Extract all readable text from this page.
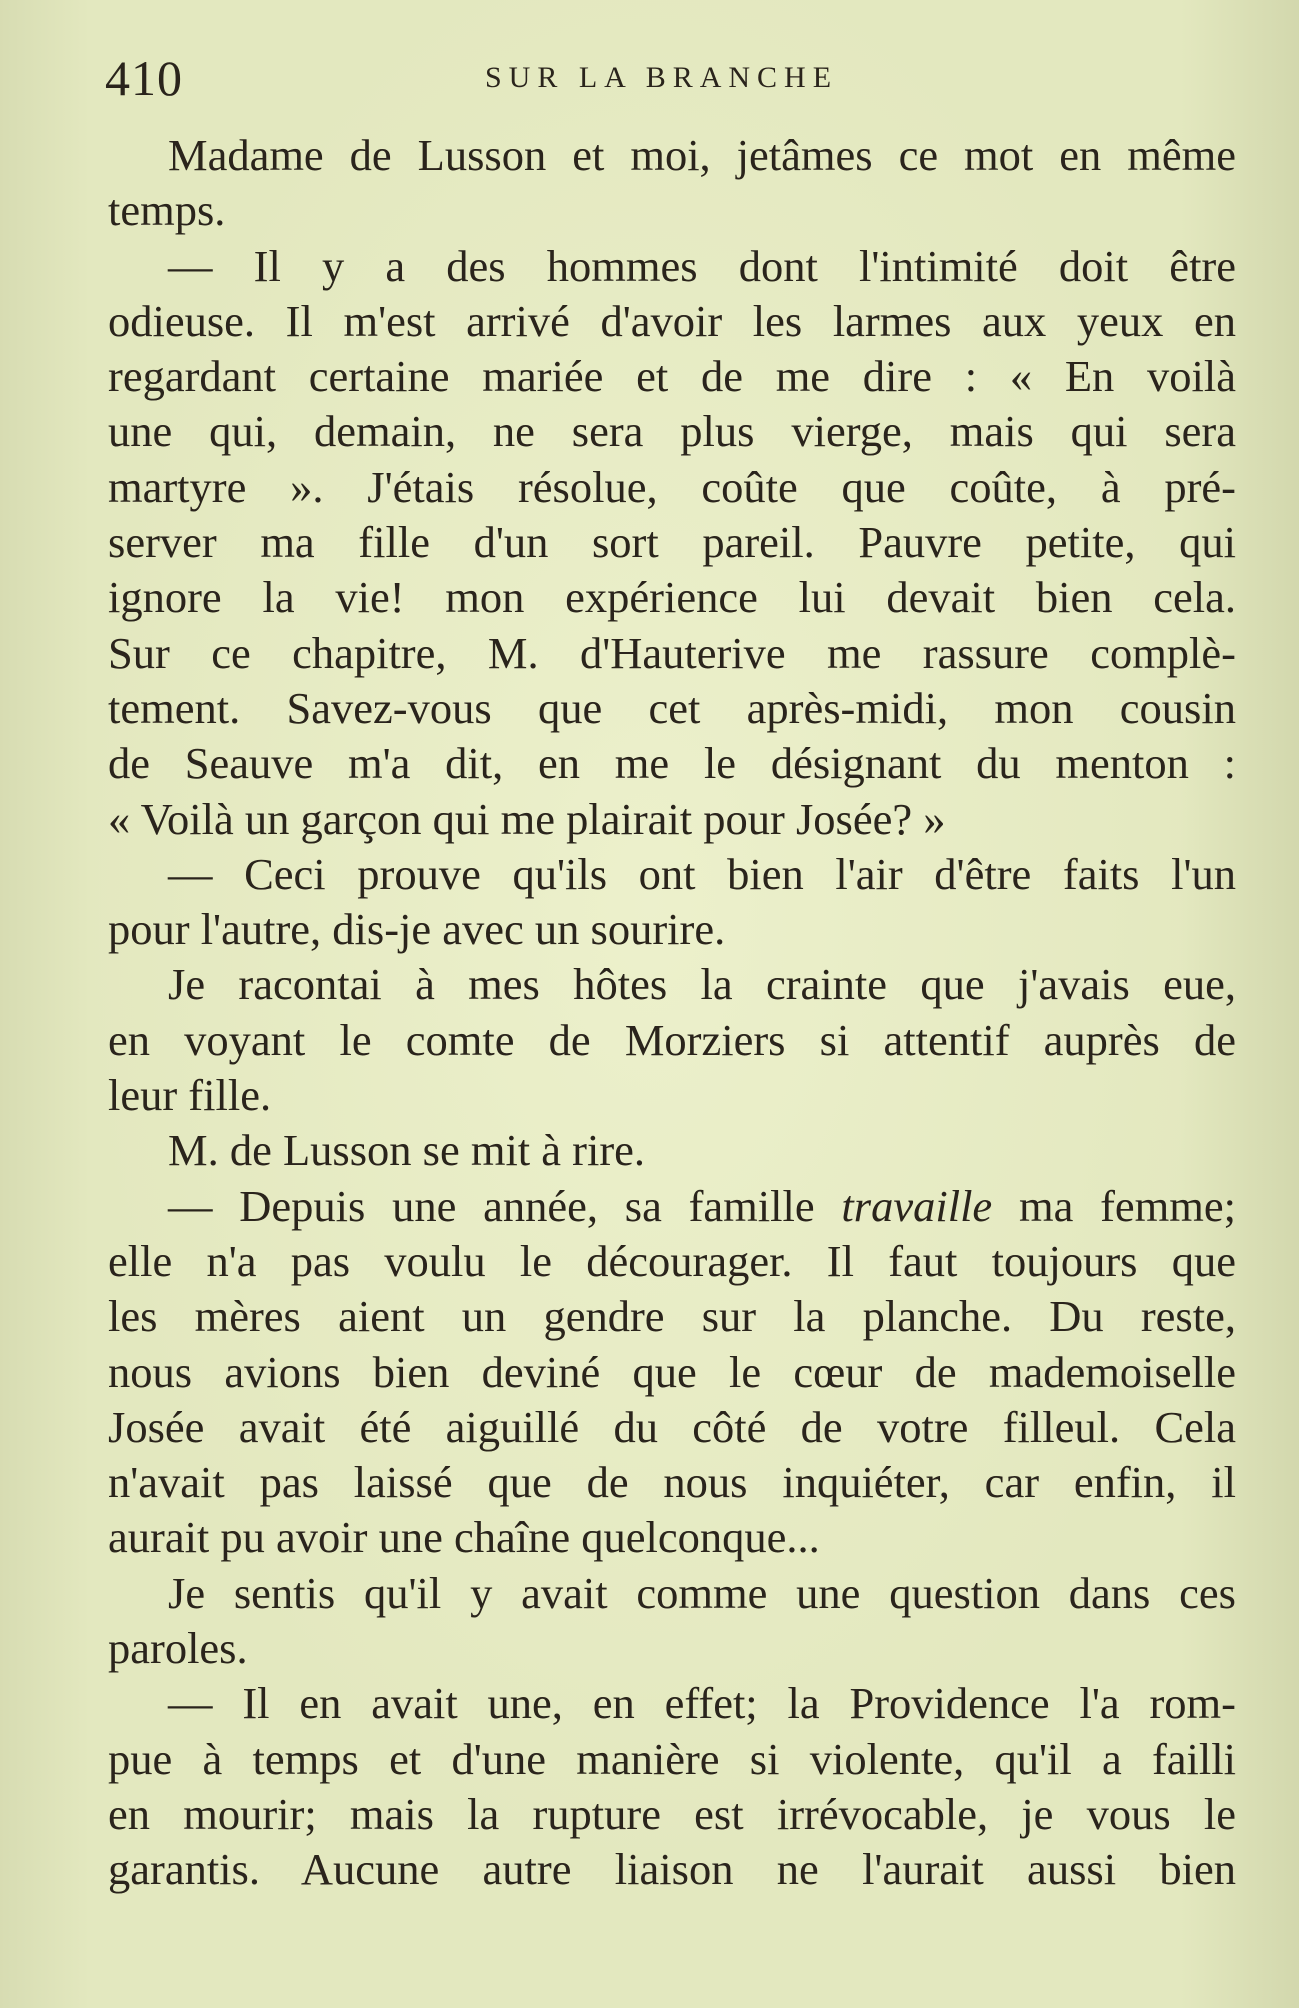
410	SUR LA BRANCHE
Madame de Lusson et moi, jetâmes ce mot en même
temps.
— Il y a des hommes dont l'intimité doit être
odieuse. Il m'est arrivé d'avoir les larmes aux yeux en
regardant certaine mariée et de me dire : « En voilà
une qui, demain, ne sera plus vierge, mais qui sera
martyre ». J'étais résolue, coûte que coûte, à pré-
server ma fille d'un sort pareil. Pauvre petite, qui
ignore la vie! mon expérience lui devait bien cela.
Sur ce chapitre, M. d'Hauterive me rassure complè-
tement. Savez-vous que cet après-midi, mon cousin
de Seauve m'a dit, en me le désignant du menton :
« Voilà un garçon qui me plairait pour Josée? »
— Ceci prouve qu'ils ont bien l'air d'être faits l'un
pour l'autre, dis-je avec un sourire.
Je racontai à mes hôtes la crainte que j'avais eue,
en voyant le comte de Morziers si attentif auprès de
leur fille.
M. de Lusson se mit à rire.
— Depuis une année, sa famille travaille ma femme;
elle n'a pas voulu le décourager. Il faut toujours que
les mères aient un gendre sur la planche. Du reste,
nous avions bien deviné que le cœur de mademoiselle
Josée avait été aiguillé du côté de votre filleul. Cela
n'avait pas laissé que de nous inquiéter, car enfin, il
aurait pu avoir une chaîne quelconque...
Je sentis qu'il y avait comme une question dans ces
paroles.
— Il en avait une, en effet; la Providence l'a rom-
pue à temps et d'une manière si violente, qu'il a failli
en mourir; mais la rupture est irrévocable, je vous le
garantis. Aucune autre liaison ne l'aurait aussi bien
